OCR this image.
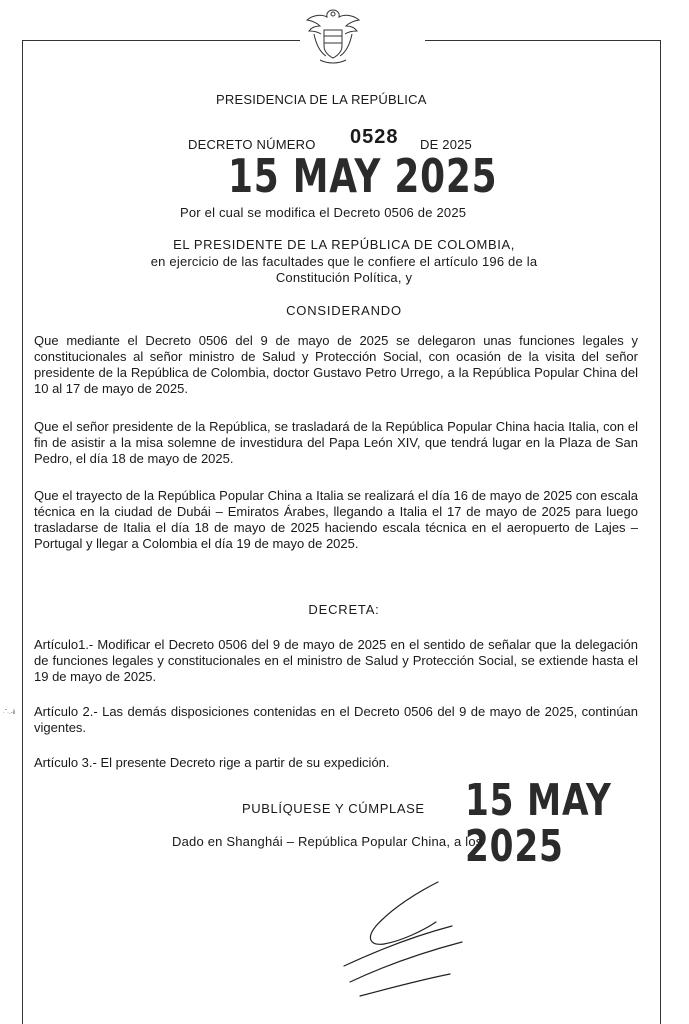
PRESIDENCIA DE LA REPÚBLICA
DECRETO NÚMERO 0528 DE 2025
15 MAY 2025
Por el cual se modifica el Decreto 0506 de 2025
EL PRESIDENTE DE LA REPÚBLICA DE COLOMBIA,
en ejercicio de las facultades que le confiere el artículo 196 de la
Constitución Política, y
CONSIDERANDO
Que mediante el Decreto 0506 del 9 de mayo de 2025 se delegaron unas funciones legales y constitucionales al señor ministro de Salud y Protección Social, con ocasión de la visita del señor presidente de la República de Colombia, doctor Gustavo Petro Urrego, a la República Popular China del 10 al 17 de mayo de 2025.
Que el señor presidente de la República, se trasladará de la República Popular China hacia Italia, con el fin de asistir a la misa solemne de investidura del Papa León XIV, que tendrá lugar en la Plaza de San Pedro, el día 18 de mayo de 2025.
Que el trayecto de la República Popular China a Italia se realizará el día 16 de mayo de 2025 con escala técnica en la ciudad de Dubái – Emiratos Árabes, llegando a Italia el 17 de mayo de 2025 para luego trasladarse de Italia el día 18 de mayo de 2025 haciendo escala técnica en el aeropuerto de Lajes – Portugal y llegar a Colombia el día 19 de mayo de 2025.
DECRETA:
Artículo1.- Modificar el Decreto 0506 del 9 de mayo de 2025 en el sentido de señalar que la delegación de funciones legales y constitucionales en el ministro de Salud y Protección Social, se extiende hasta el 19 de mayo de 2025.
Artículo 2.- Las demás disposiciones contenidas en el Decreto 0506 del 9 de mayo de 2025, continúan vigentes.
Artículo 3.- El presente Decreto rige a partir de su expedición.
PUBLÍQUESE Y CÚMPLASE 15 MAY 2025
Dado en Shanghái – República Popular China, a los
·ˇ·.-ii
